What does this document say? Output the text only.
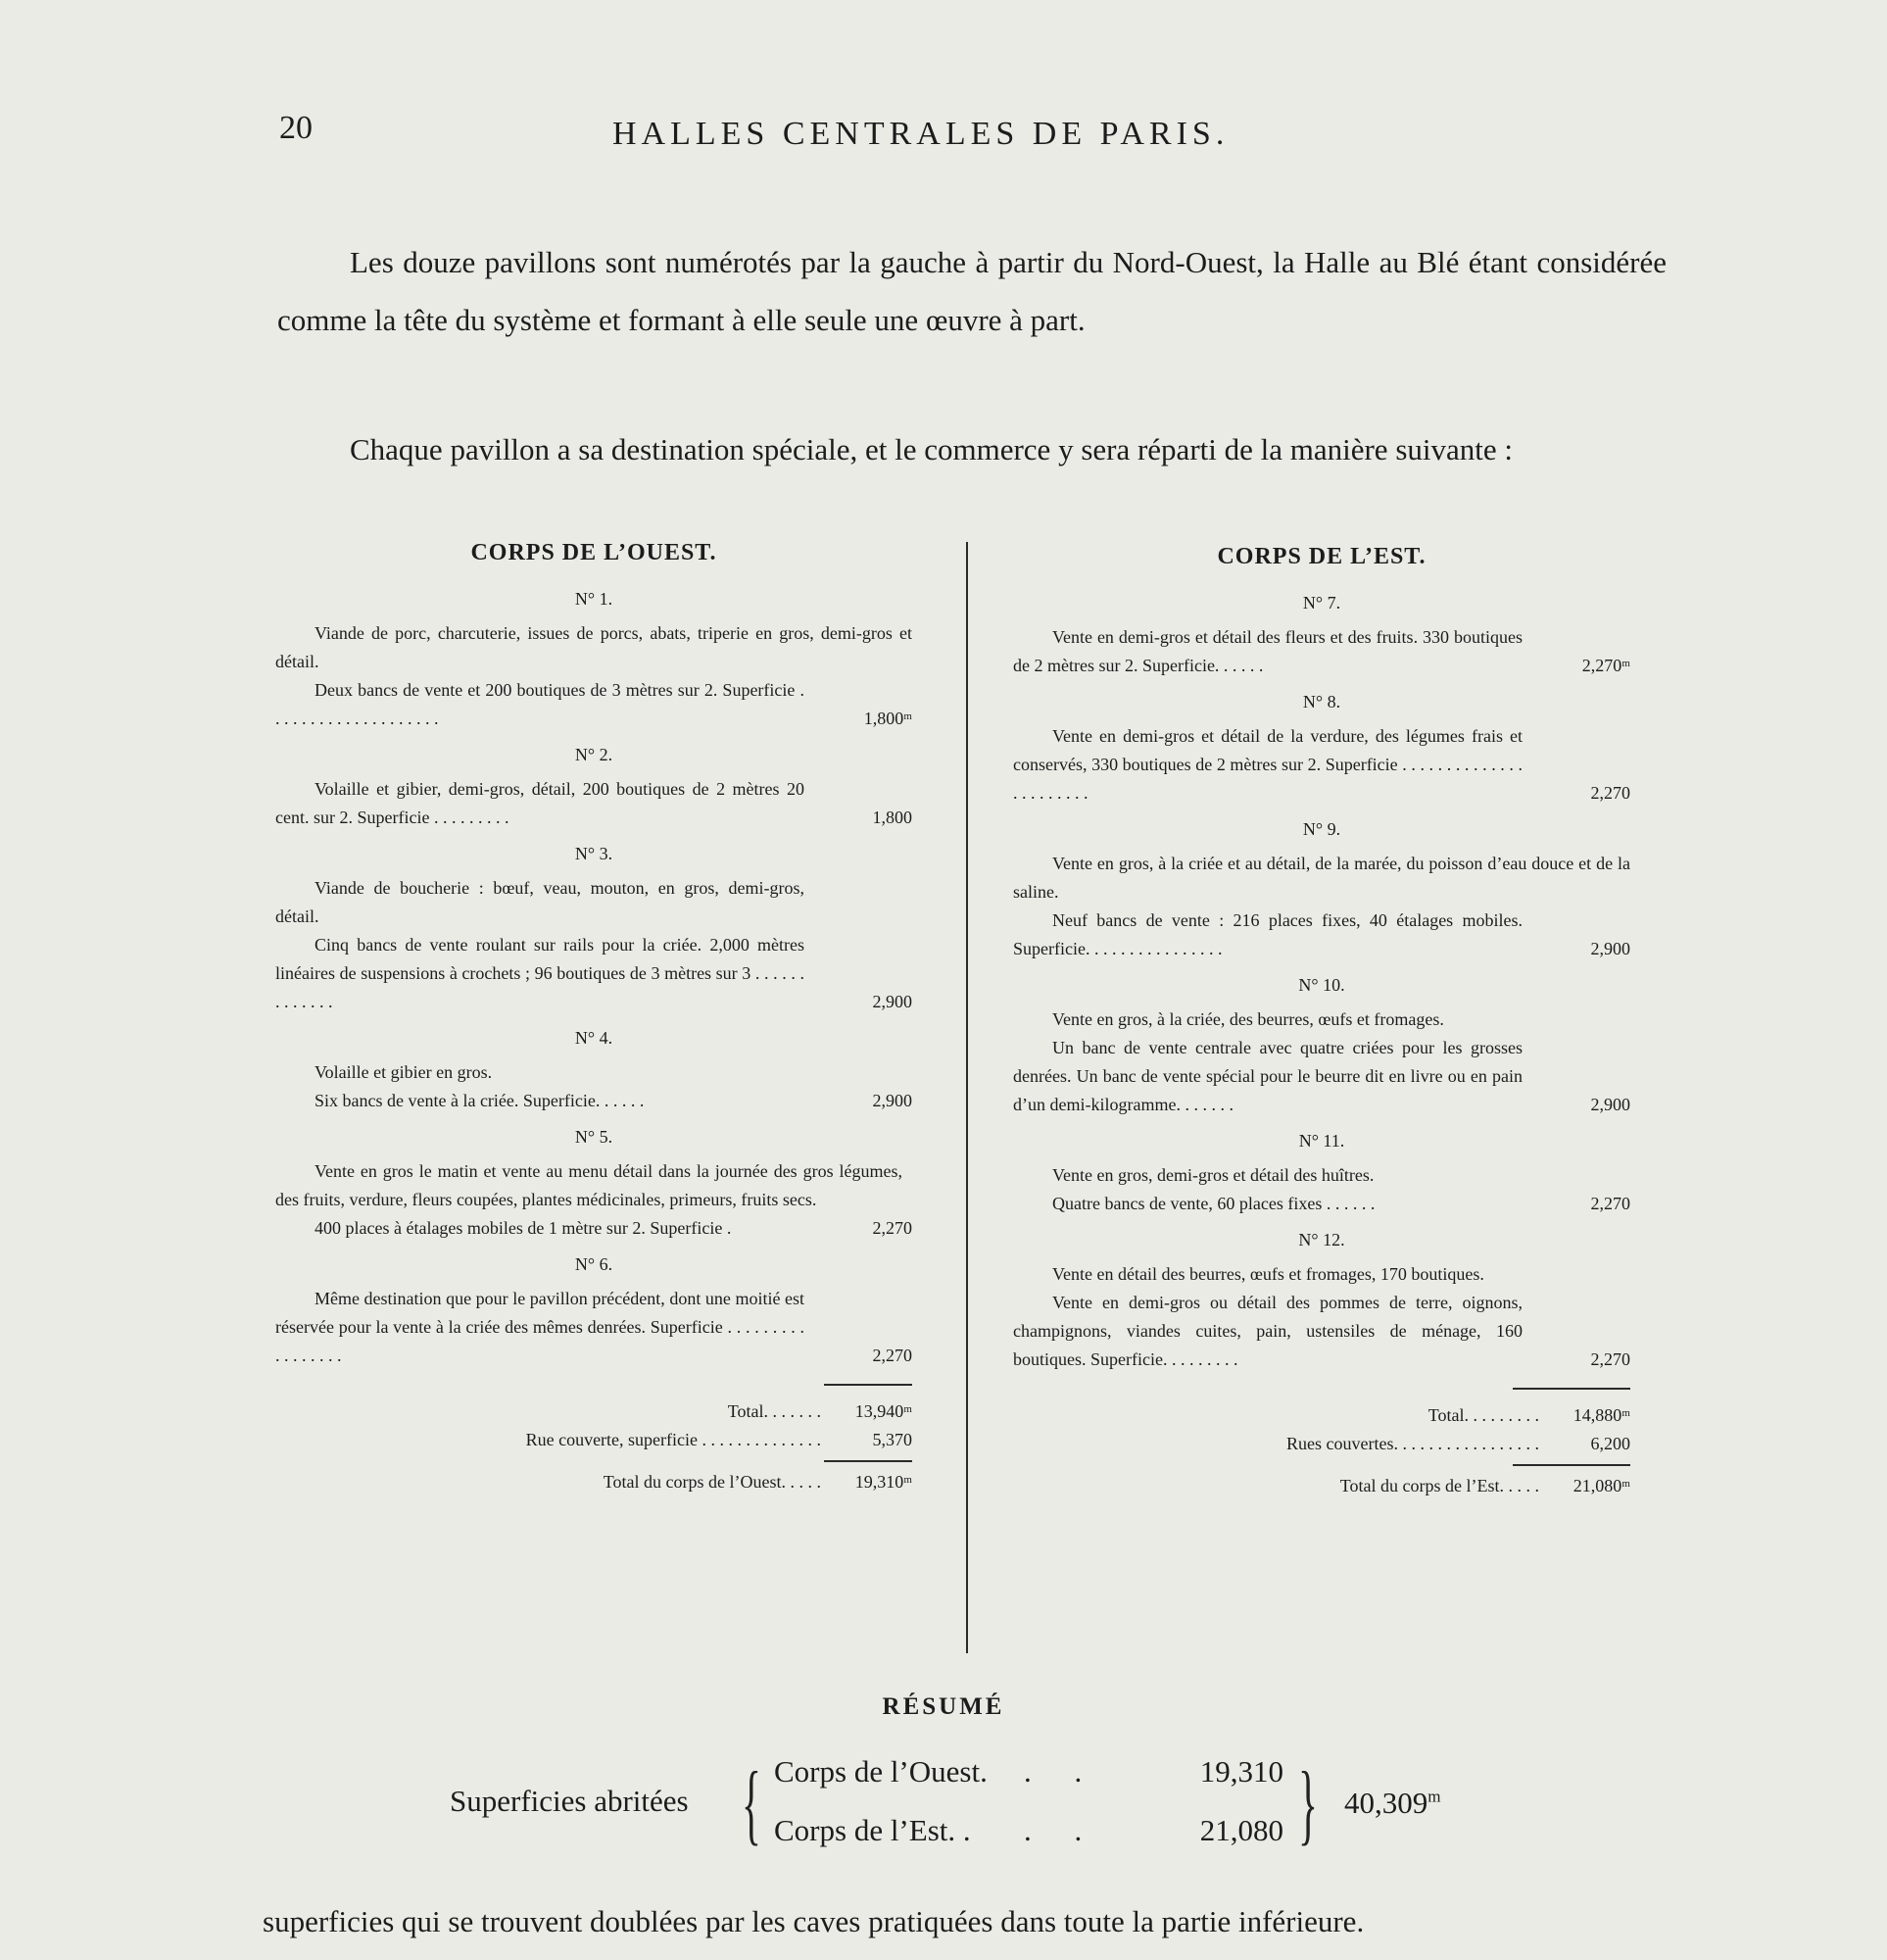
20	HALLES CENTRALES DE PARIS.

Les douze pavillons sont numérotés par la gauche à partir du Nord-Ouest, la Halle au Blé étant considérée comme la tête du système et formant à elle seule une œuvre à part.

Chaque pavillon a sa destination spéciale, et le commerce y sera réparti de la manière suivante :

CORPS DE L’OUEST.
N° 1.
Viande de porc, charcuterie, issues de porcs, abats, triperie en gros, demi-gros et détail.
Deux bancs de vente et 200 boutiques de 3 mètres sur 2. Superficie . . . . . . . . . . . . . . . . . . . .	1,800ᵐ
N° 2.
Volaille et gibier, demi-gros, détail, 200 boutiques de 2 mètres 20 cent. sur 2. Superficie . . . . . . . . .	1,800
N° 3.
Viande de boucherie : bœuf, veau, mouton, en gros, demi-gros, détail.
Cinq bancs de vente roulant sur rails pour la criée. 2,000 mètres linéaires de suspensions à crochets ; 96 boutiques de 3 mètres sur 3 . . . . . . . . . . . . .	2,900
N° 4.
Volaille et gibier en gros.
Six bancs de vente à la criée. Superficie. . . . . .	2,900
N° 5.
Vente en gros le matin et vente au menu détail dans la journée des gros légumes, des fruits, verdure, fleurs coupées, plantes médicinales, primeurs, fruits secs.
400 places à étalages mobiles de 1 mètre sur 2. Superficie .	2,270
N° 6.
Même destination que pour le pavillon précédent, dont une moitié est réservée pour la vente à la criée des mêmes denrées. Superficie . . . . . . . . . . . . . . . . .	2,270
Total. . . . . . .	13,940ᵐ
Rue couverte, superficie . . . . . . . . . . . . . .	5,370
Total du corps de l’Ouest. . . . .	19,310ᵐ
CORPS DE L’EST.
N° 7.
Vente en demi-gros et détail des fleurs et des fruits. 330 boutiques de 2 mètres sur 2. Superficie. . . . . .	2,270ᵐ
N° 8.
Vente en demi-gros et détail de la verdure, des légumes frais et conservés, 330 boutiques de 2 mètres sur 2. Superficie . . . . . . . . . . . . . . . . . . . . . . .	2,270
N° 9.
Vente en gros, à la criée et au détail, de la marée, du poisson d’eau douce et de la saline.
Neuf bancs de vente : 216 places fixes, 40 étalages mobiles. Superficie. . . . . . . . . . . . . . . .	2,900
N° 10.
Vente en gros, à la criée, des beurres, œufs et fromages.
Un banc de vente centrale avec quatre criées pour les grosses denrées. Un banc de vente spécial pour le beurre dit en livre ou en pain d’un demi-kilogramme. . . . . . .	2,900
N° 11.
Vente en gros, demi-gros et détail des huîtres.
Quatre bancs de vente, 60 places fixes . . . . . .	2,270
N° 12.
Vente en détail des beurres, œufs et fromages, 170 boutiques.
Vente en demi-gros ou détail des pommes de terre, oignons, champignons, viandes cuites, pain, ustensiles de ménage, 160 boutiques. Superficie. . . . . . . . .	2,270
Total. . . . . . . . .	14,880ᵐ
Rues couvertes. . . . . . . . . . . . . . . . .	6,200
Total du corps de l’Est. . . . .	21,080ᵐ
RÉSUMÉ
Superficies abritées { Corps de l’Ouest. . .	19,310
Corps de l’Est. . . .	21,080 } 40,309$^m$

superficies qui se trouvent doublées par les caves pratiquées dans toute la partie inférieure.
